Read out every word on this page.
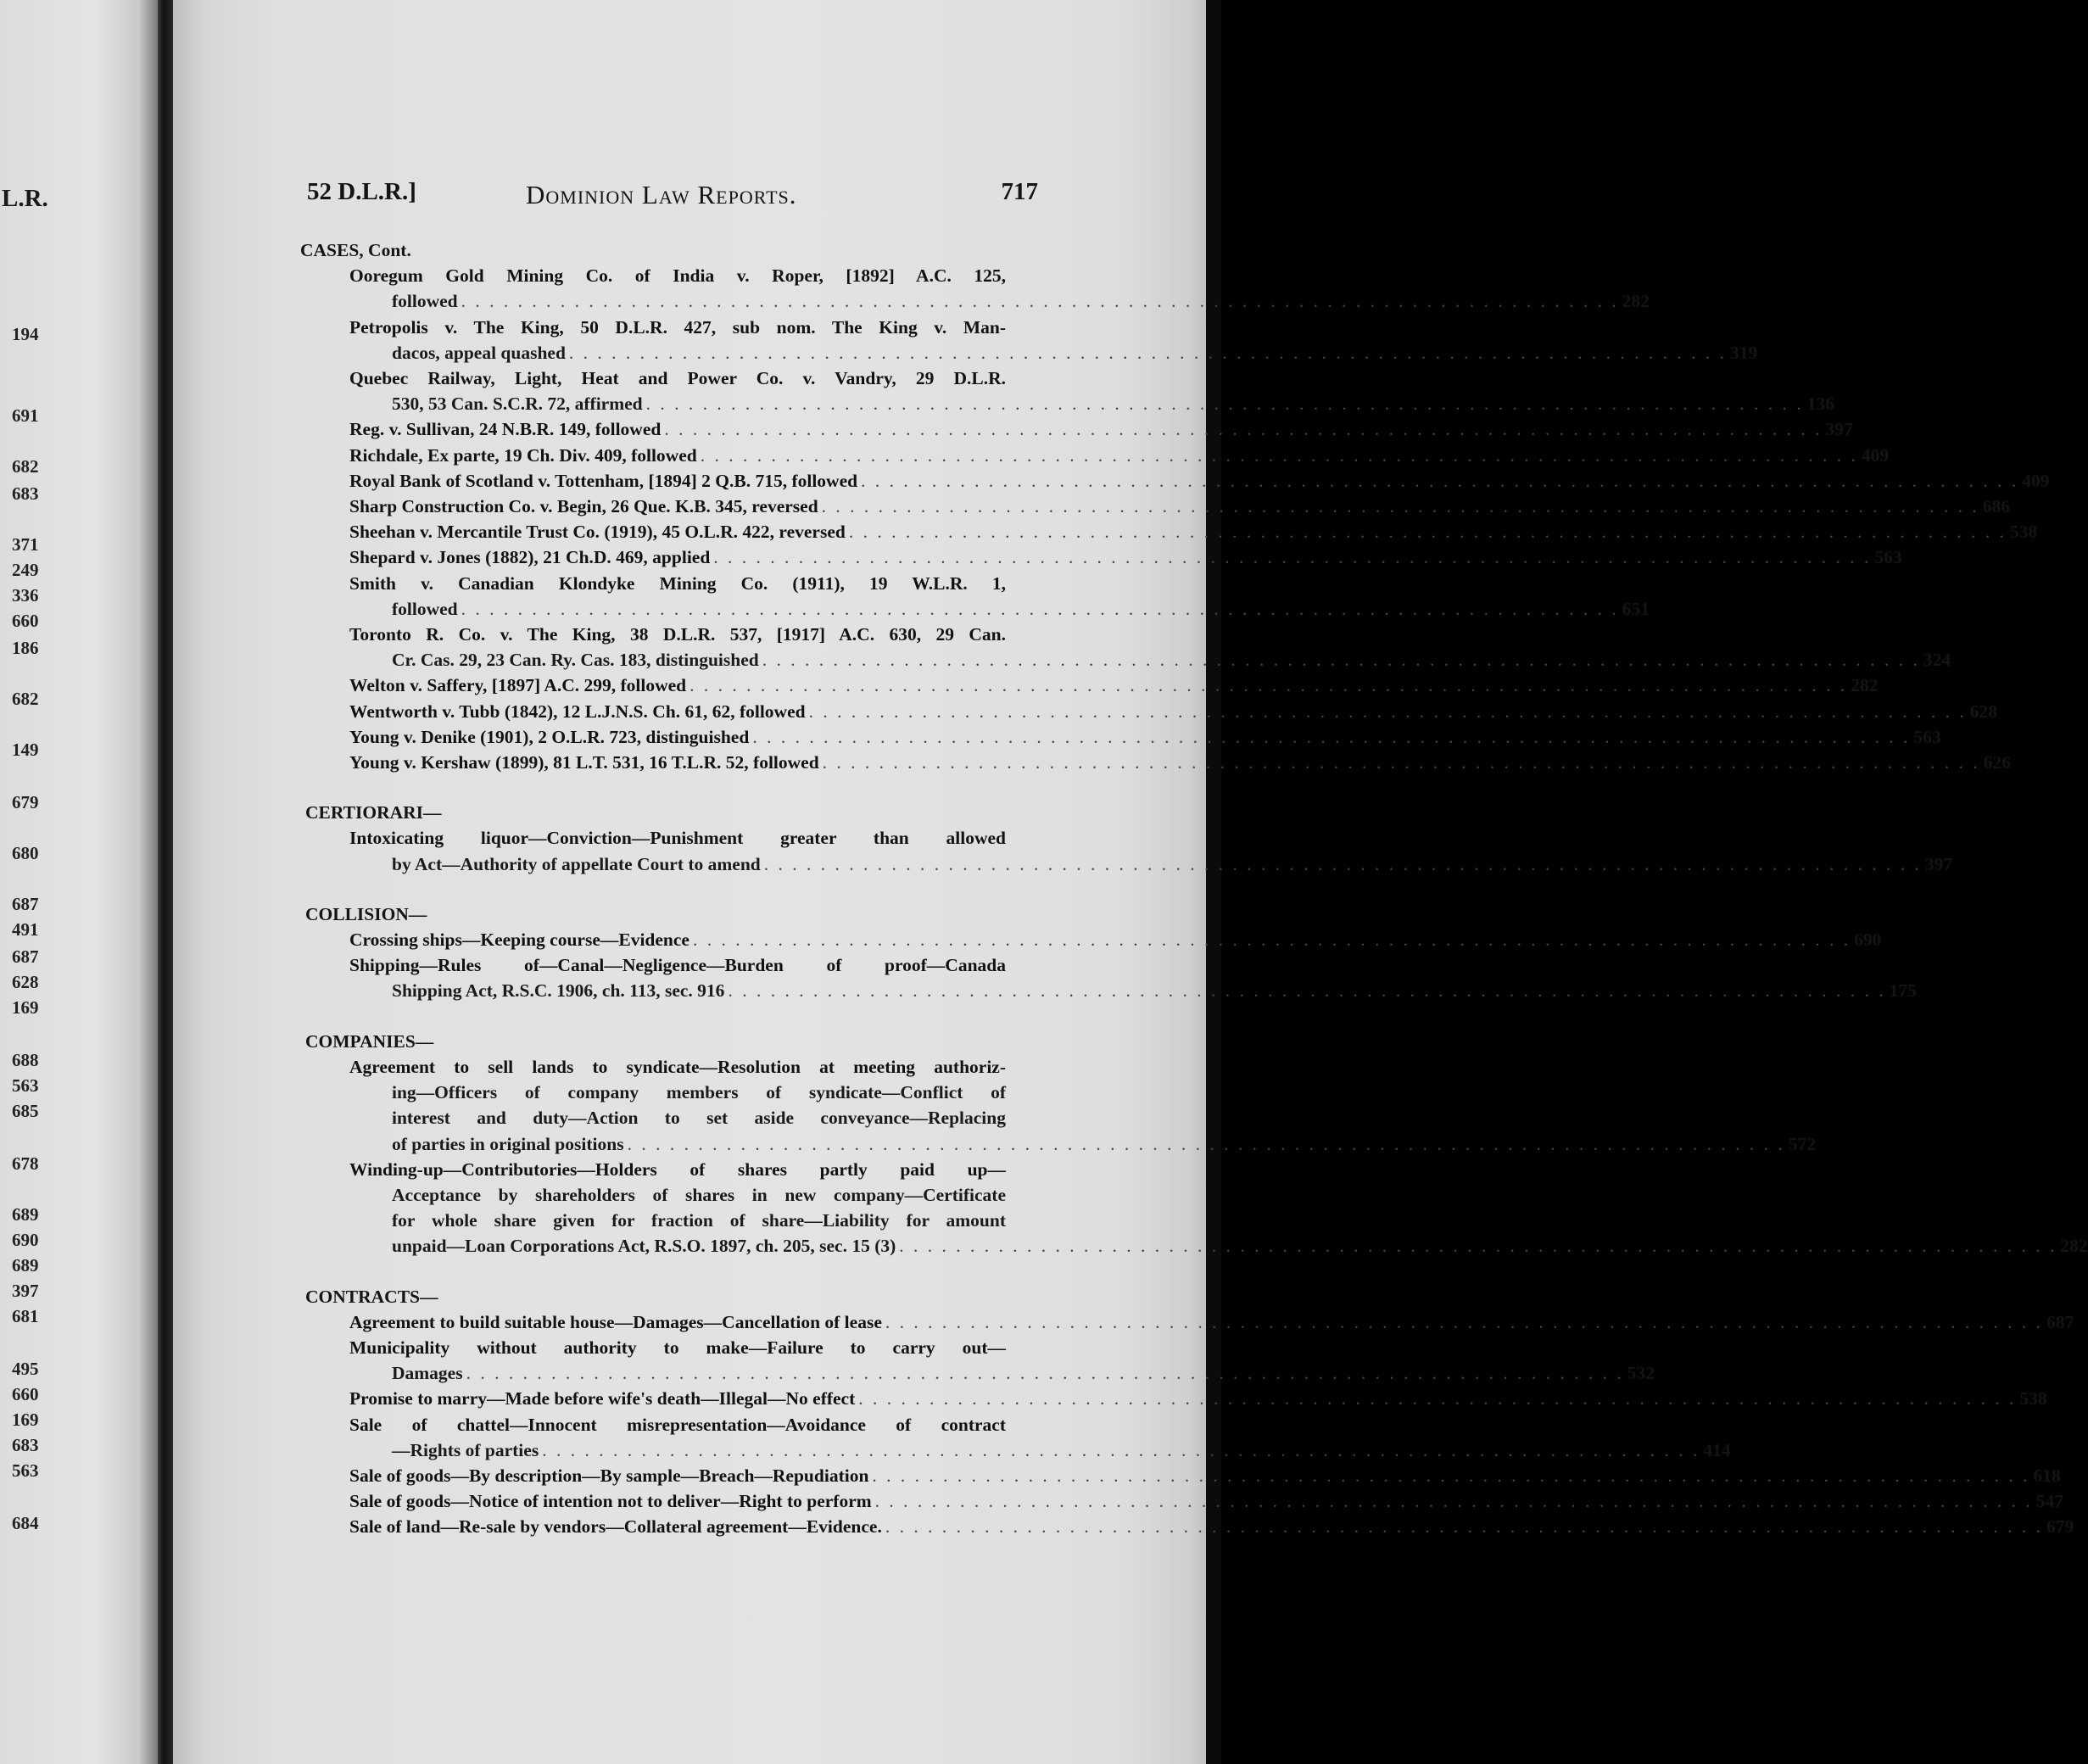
L.R.
194
691
682
683
371
249
336
660
186
682
149
679
680
687
491
687
628
169
688
563
685
678
689
690
689
397
681
495
660
169
683
563
684
52 D.L.R.]	Dominion Law Reports.	717
CASES, Cont.
Ooregum Gold Mining Co. of India v. Roper, [1892] A.C. 125,
followed . . .	282
Petropolis v. The King, 50 D.L.R. 427, sub nom. The King v. Man-
dacos, appeal quashed . . .	319
Quebec Railway, Light, Heat and Power Co. v. Vandry, 29 D.L.R.
530, 53 Can. S.C.R. 72, affirmed . . .	136
Reg. v. Sullivan, 24 N.B.R. 149, followed . . .	397
Richdale, Ex parte, 19 Ch. Div. 409, followed . . .	409
Royal Bank of Scotland v. Tottenham, [1894] 2 Q.B. 715, followed . . .	409
Sharp Construction Co. v. Begin, 26 Que. K.B. 345, reversed . . .	686
Sheehan v. Mercantile Trust Co. (1919), 45 O.L.R. 422, reversed . . .	538
Shepard v. Jones (1882), 21 Ch.D. 469, applied . . .	563
Smith v. Canadian Klondyke Mining Co. (1911), 19 W.L.R. 1,
followed . . .	651
Toronto R. Co. v. The King, 38 D.L.R. 537, [1917] A.C. 630, 29 Can.
Cr. Cas. 29, 23 Can. Ry. Cas. 183, distinguished . . .	324
Welton v. Saffery, [1897] A.C. 299, followed . . .	282
Wentworth v. Tubb (1842), 12 L.J.N.S. Ch. 61, 62, followed . . .	628
Young v. Denike (1901), 2 O.L.R. 723, distinguished . . .	563
Young v. Kershaw (1899), 81 L.T. 531, 16 T.L.R. 52, followed . . .	626
CERTIORARI—
Intoxicating liquor—Conviction—Punishment greater than allowed
by Act—Authority of appellate Court to amend . . .	397
COLLISION—
Crossing ships—Keeping course—Evidence . . .	690
Shipping—Rules of—Canal—Negligence—Burden of proof—Canada
Shipping Act, R.S.C. 1906, ch. 113, sec. 916 . . .	175
COMPANIES—
Agreement to sell lands to syndicate—Resolution at meeting authoriz-
ing—Officers of company members of syndicate—Conflict of
interest and duty—Action to set aside conveyance—Replacing
of parties in original positions . . .	572
Winding-up—Contributories—Holders of shares partly paid up—
Acceptance by shareholders of shares in new company—Certificate
for whole share given for fraction of share—Liability for amount
unpaid—Loan Corporations Act, R.S.O. 1897, ch. 205, sec. 15 (3) . . .	282
CONTRACTS—
Agreement to build suitable house—Damages—Cancellation of lease . . .	687
Municipality without authority to make—Failure to carry out—
Damages . . .	532
Promise to marry—Made before wife's death—Illegal—No effect . . .	538
Sale of chattel—Innocent misrepresentation—Avoidance of contract
—Rights of parties . . .	414
Sale of goods—By description—By sample—Breach—Repudiation . . .	618
Sale of goods—Notice of intention not to deliver—Right to perform . . .	547
Sale of land—Re-sale by vendors—Collateral agreement—Evidence. . . .	679
